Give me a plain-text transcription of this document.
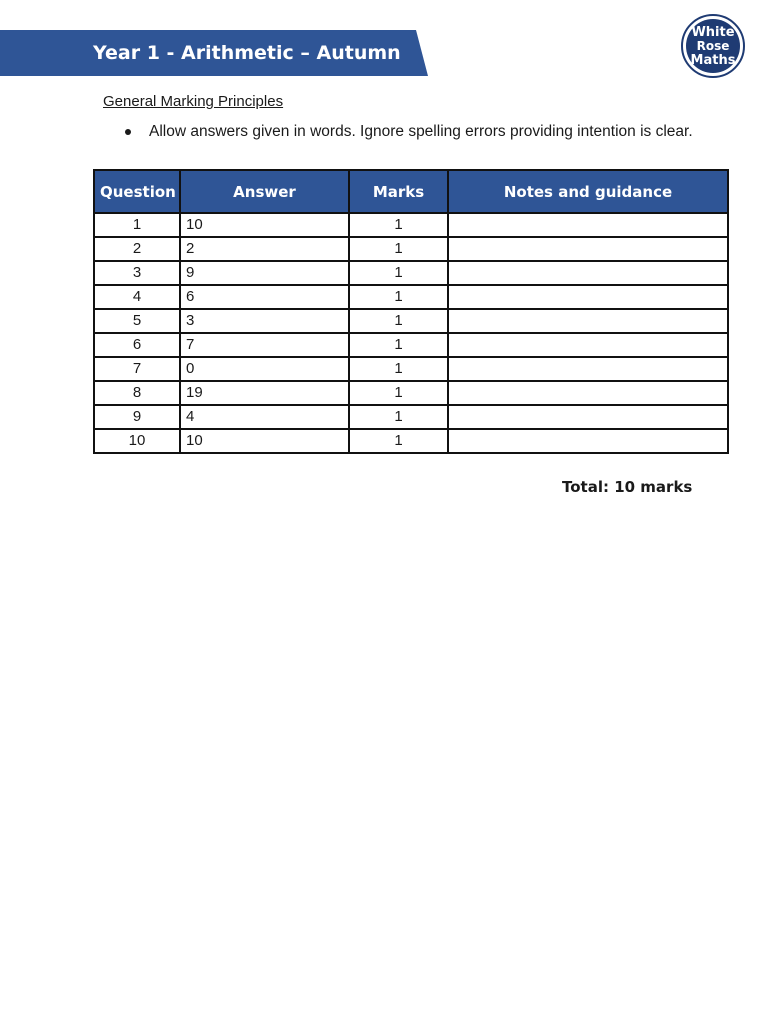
Year 1 - Arithmetic – Autumn
White
Rose
Maths
General Marking Principles
Allow answers given in words. Ignore spelling errors providing intention is clear.
Question	Answer	Marks	Notes and guidance
1	10	1	
2	2	1	
3	9	1	
4	6	1	
5	3	1	
6	7	1	
7	0	1	
8	19	1	
9	4	1	
10	10	1	
Total: 10 marks
